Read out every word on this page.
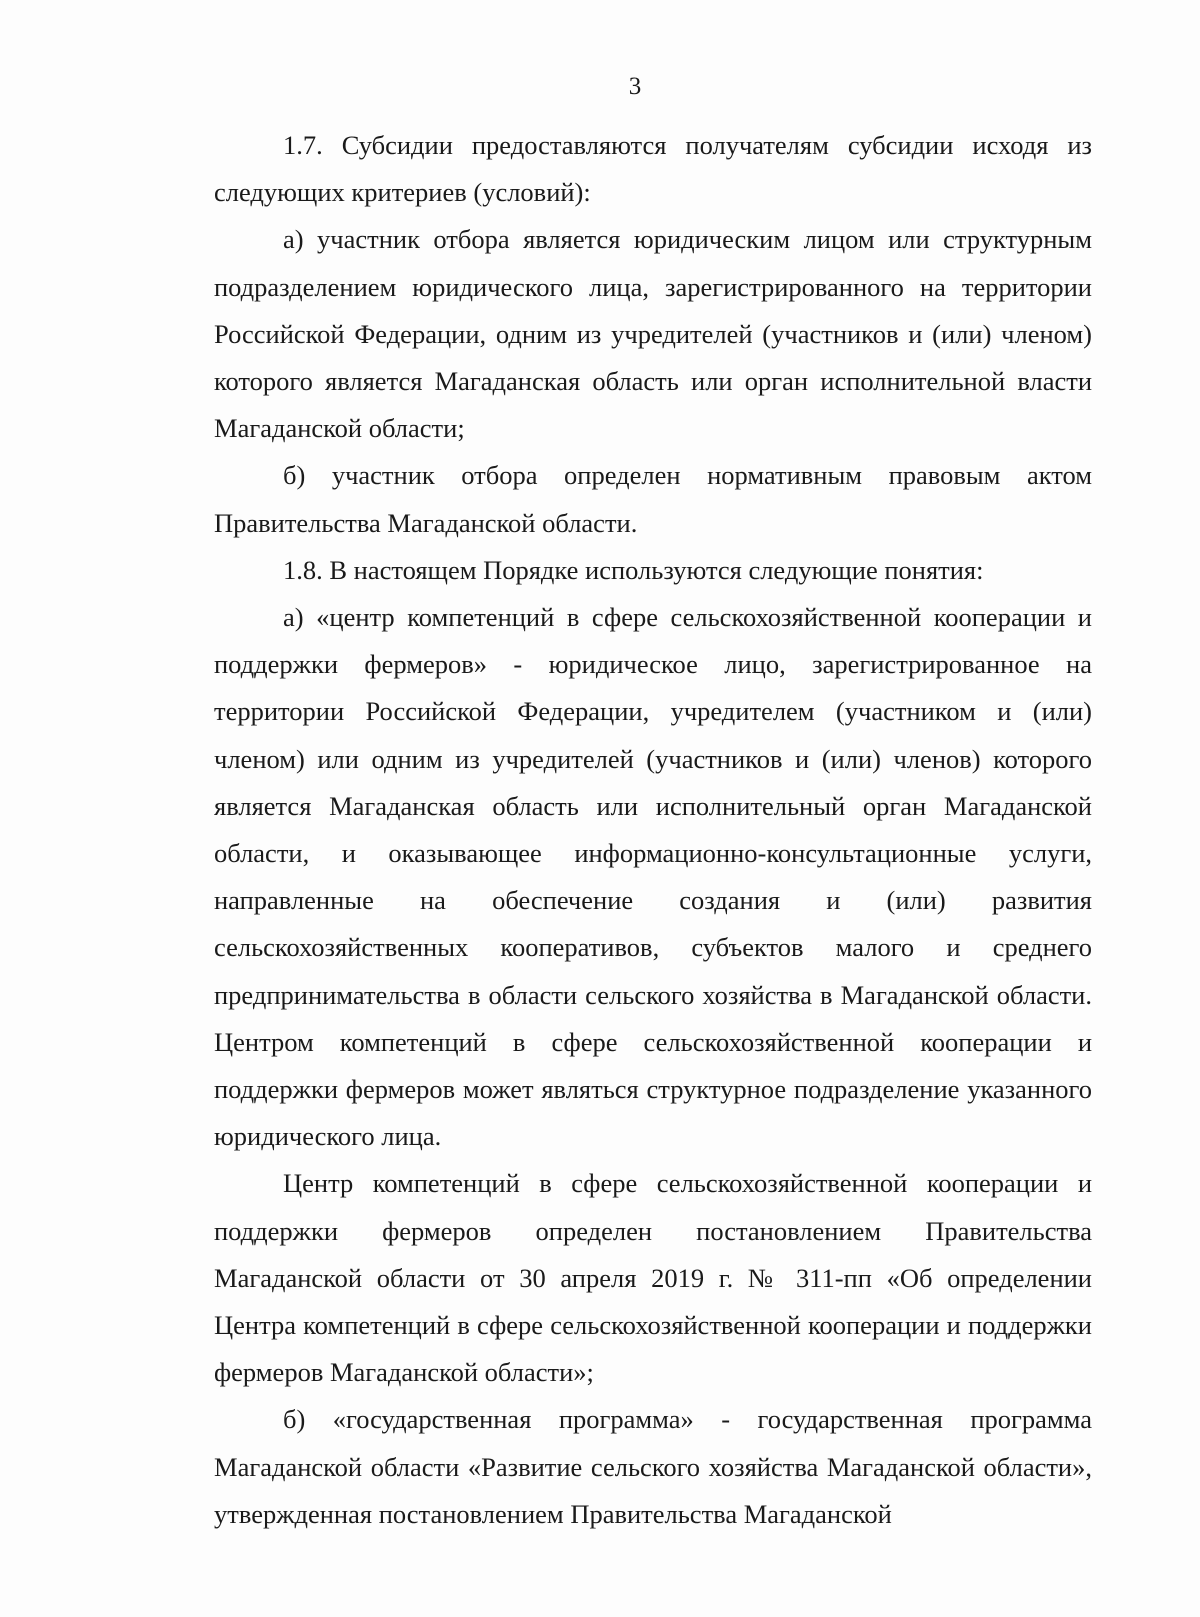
3

1.7. Субсидии предоставляются получателям субсидии исходя из следующих критериев (условий):

а) участник отбора является юридическим лицом или структурным подразделением юридического лица, зарегистрированного на территории Российской Федерации, одним из учредителей (участников и (или) членом) которого является Магаданская область или орган исполнительной власти Магаданской области;

б) участник отбора определен нормативным правовым актом Правительства Магаданской области.

1.8. В настоящем Порядке используются следующие понятия:

а) «центр компетенций в сфере сельскохозяйственной кооперации и поддержки фермеров» - юридическое лицо, зарегистрированное на территории Российской Федерации, учредителем (участником и (или) членом) или одним из учредителей (участников и (или) членов) которого является Магаданская область или исполнительный орган Магаданской области, и оказывающее информационно-консультационные услуги, направленные на обеспечение создания и (или) развития сельскохозяйственных кооперативов, субъектов малого и среднего предпринимательства в области сельского хозяйства в Магаданской области. Центром компетенций в сфере сельскохозяйственной кооперации и поддержки фермеров может являться структурное подразделение указанного юридического лица.

Центр компетенций в сфере сельскохозяйственной кооперации и поддержки фермеров определен постановлением Правительства Магаданской области от 30 апреля 2019 г. № 311-пп «Об определении Центра компетенций в сфере сельскохозяйственной кооперации и поддержки фермеров Магаданской области»;

б) «государственная программа» - государственная программа Магаданской области «Развитие сельского хозяйства Магаданской области», утвержденная постановлением Правительства Магаданской
